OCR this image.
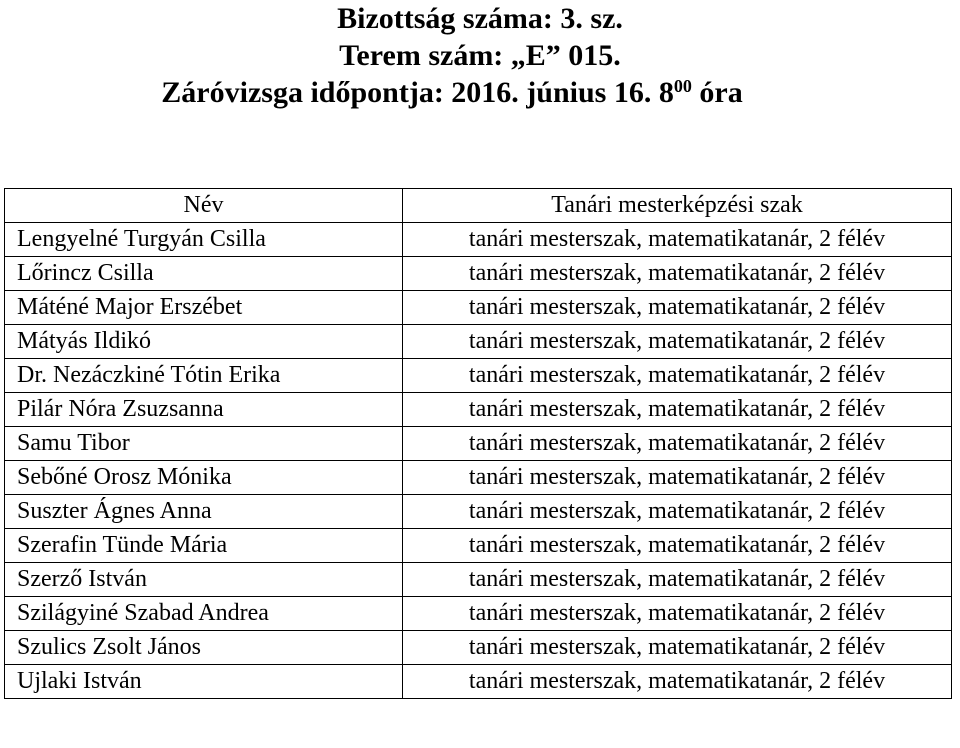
Bizottság száma: 3. sz.
Terem szám: „E” 015.
Záróvizsga időpontja: 2016. június 16. $8^{00}$ óra
Név	Tanári mesterképzési szak
Lengyelné Turgyán Csilla	tanári mesterszak, matematikatanár, 2 félév
Lőrincz Csilla	tanári mesterszak, matematikatanár, 2 félév
Máténé Major Erszébet	tanári mesterszak, matematikatanár, 2 félév
Mátyás Ildikó	tanári mesterszak, matematikatanár, 2 félév
Dr. Nezáczkiné Tótin Erika	tanári mesterszak, matematikatanár, 2 félév
Pilár Nóra Zsuzsanna	tanári mesterszak, matematikatanár, 2 félév
Samu Tibor	tanári mesterszak, matematikatanár, 2 félév
Sebőné Orosz Mónika	tanári mesterszak, matematikatanár, 2 félév
Suszter Ágnes Anna	tanári mesterszak, matematikatanár, 2 félév
Szerafin Tünde Mária	tanári mesterszak, matematikatanár, 2 félév
Szerző István	tanári mesterszak, matematikatanár, 2 félév
Szilágyiné Szabad Andrea	tanári mesterszak, matematikatanár, 2 félév
Szulics Zsolt János	tanári mesterszak, matematikatanár, 2 félév
Ujlaki István	tanári mesterszak, matematikatanár, 2 félév
